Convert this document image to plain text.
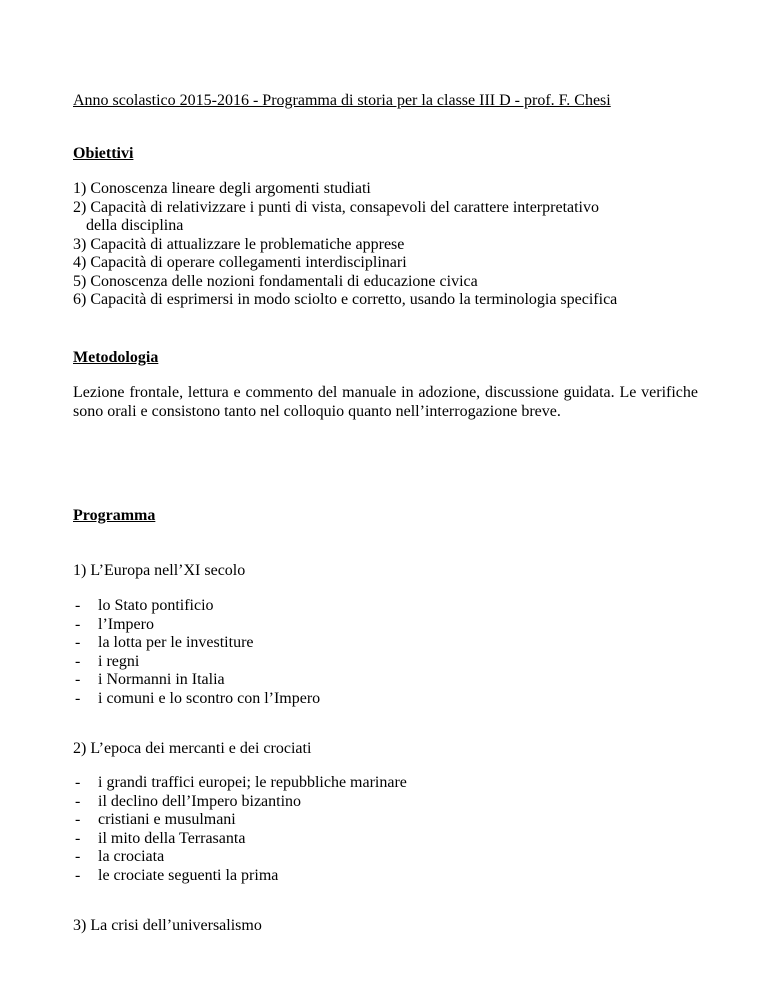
Anno scolastico 2015-2016 - Programma di storia per la classe III D - prof. F. Chesi

Obiettivi

1) Conoscenza lineare degli argomenti studiati
2) Capacità di relativizzare i punti di vista, consapevoli del carattere interpretativo
della disciplina
3) Capacità di attualizzare le problematiche apprese
4) Capacità di operare collegamenti interdisciplinari
5) Conoscenza delle nozioni fondamentali di educazione civica
6) Capacità di esprimersi in modo sciolto e corretto, usando la terminologia specifica

Metodologia

Lezione frontale, lettura e commento del manuale in adozione, discussione guidata. Le verifiche sono orali e consistono tanto nel colloquio quanto nell’interrogazione breve.

Programma

1) L’Europa nell’XI secolo

- lo Stato pontificio
- l’Impero
- la lotta per le investiture
- i regni
- i Normanni in Italia
- i comuni e lo scontro con l’Impero

2) L’epoca dei mercanti e dei crociati

- i grandi traffici europei; le repubbliche marinare
- il declino dell’Impero bizantino
- cristiani e musulmani
- il mito della Terrasanta
- la crociata
- le crociate seguenti la prima

3) La crisi dell’universalismo
